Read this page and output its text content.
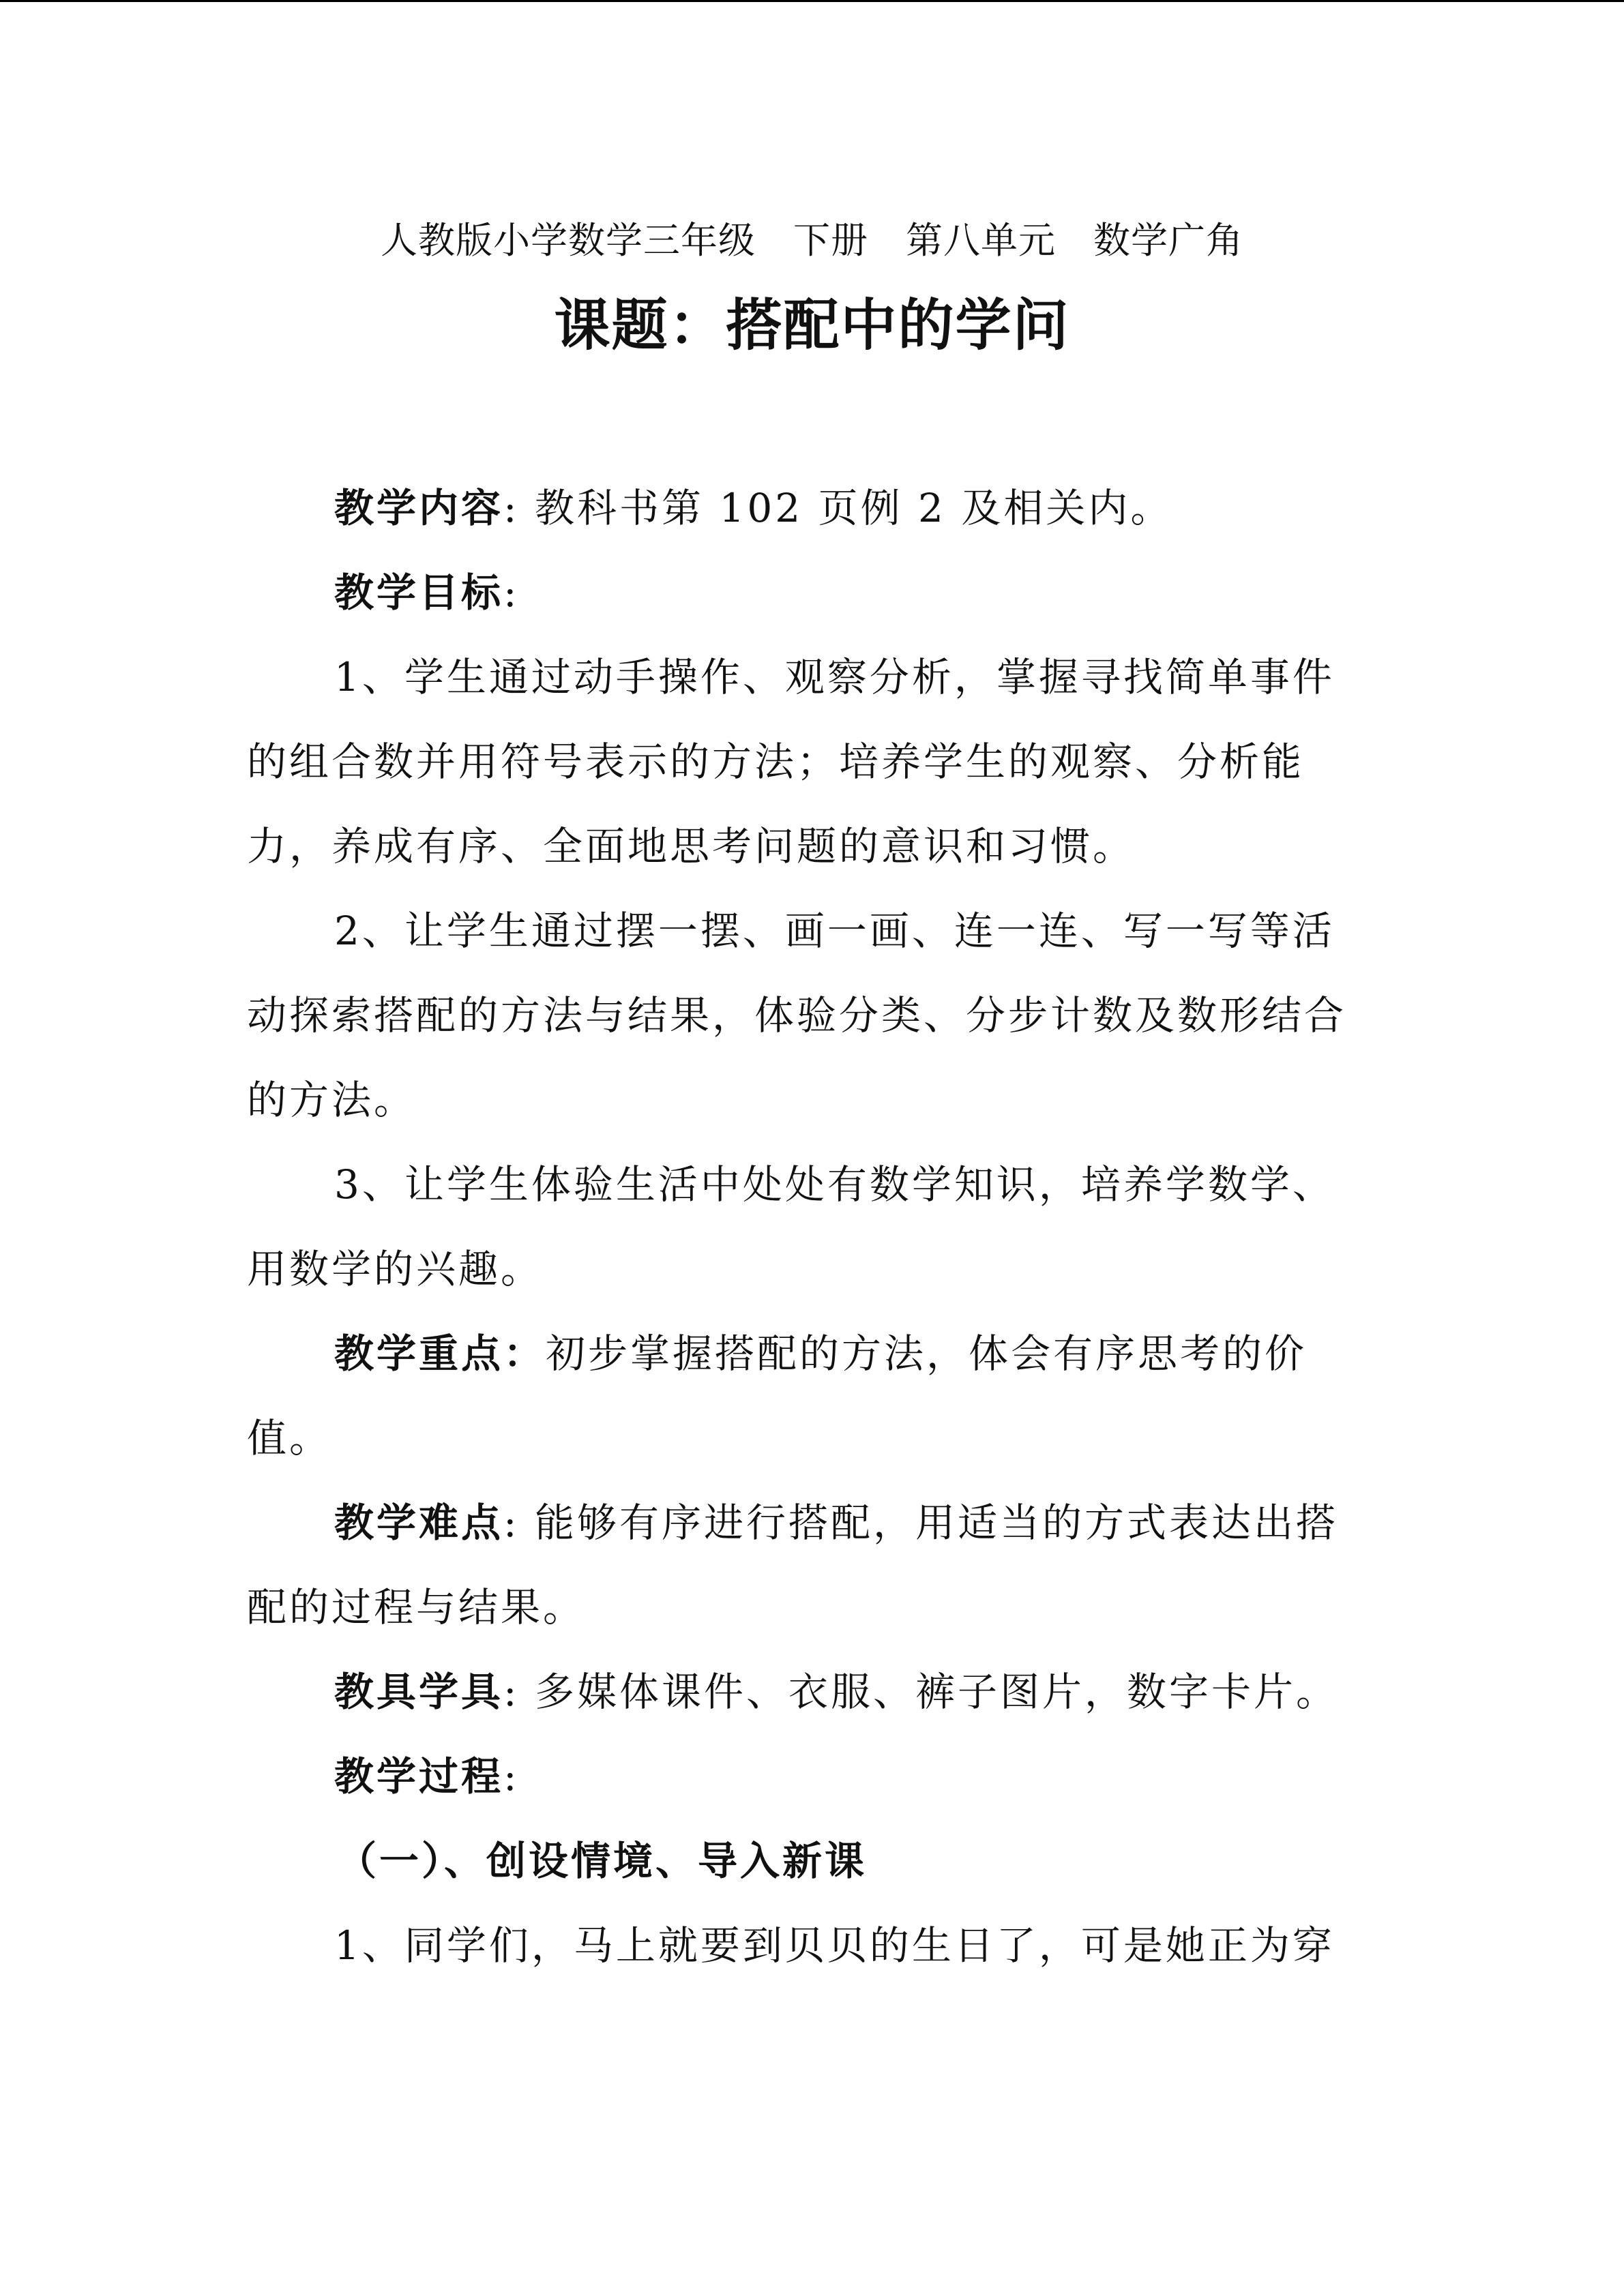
人教版小学数学三年级　下册　第八单元　数学广角
课题：搭配中的学问

教学内容: 教科书第 102 页例 2 及相关内。

教学目标:

1、学生通过动手操作、观察分析，掌握寻找简单事件的组合数并用符号表示的方法；培养学生的观察、分析能力，养成有序、全面地思考问题的意识和习惯。

2、让学生通过摆一摆、画一画、连一连、写一写等活动探索搭配的方法与结果，体验分类、分步计数及数形结合的方法。

3、让学生体验生活中处处有数学知识，培养学数学、用数学的兴趣。

教学重点：初步掌握搭配的方法，体会有序思考的价值。

教学难点: 能够有序进行搭配，用适当的方式表达出搭配的过程与结果。

教具学具: 多媒体课件、衣服、裤子图片，数字卡片。

教学过程:

（一）、创设情境、导入新课

1、同学们，马上就要到贝贝的生日了，可是她正为穿
